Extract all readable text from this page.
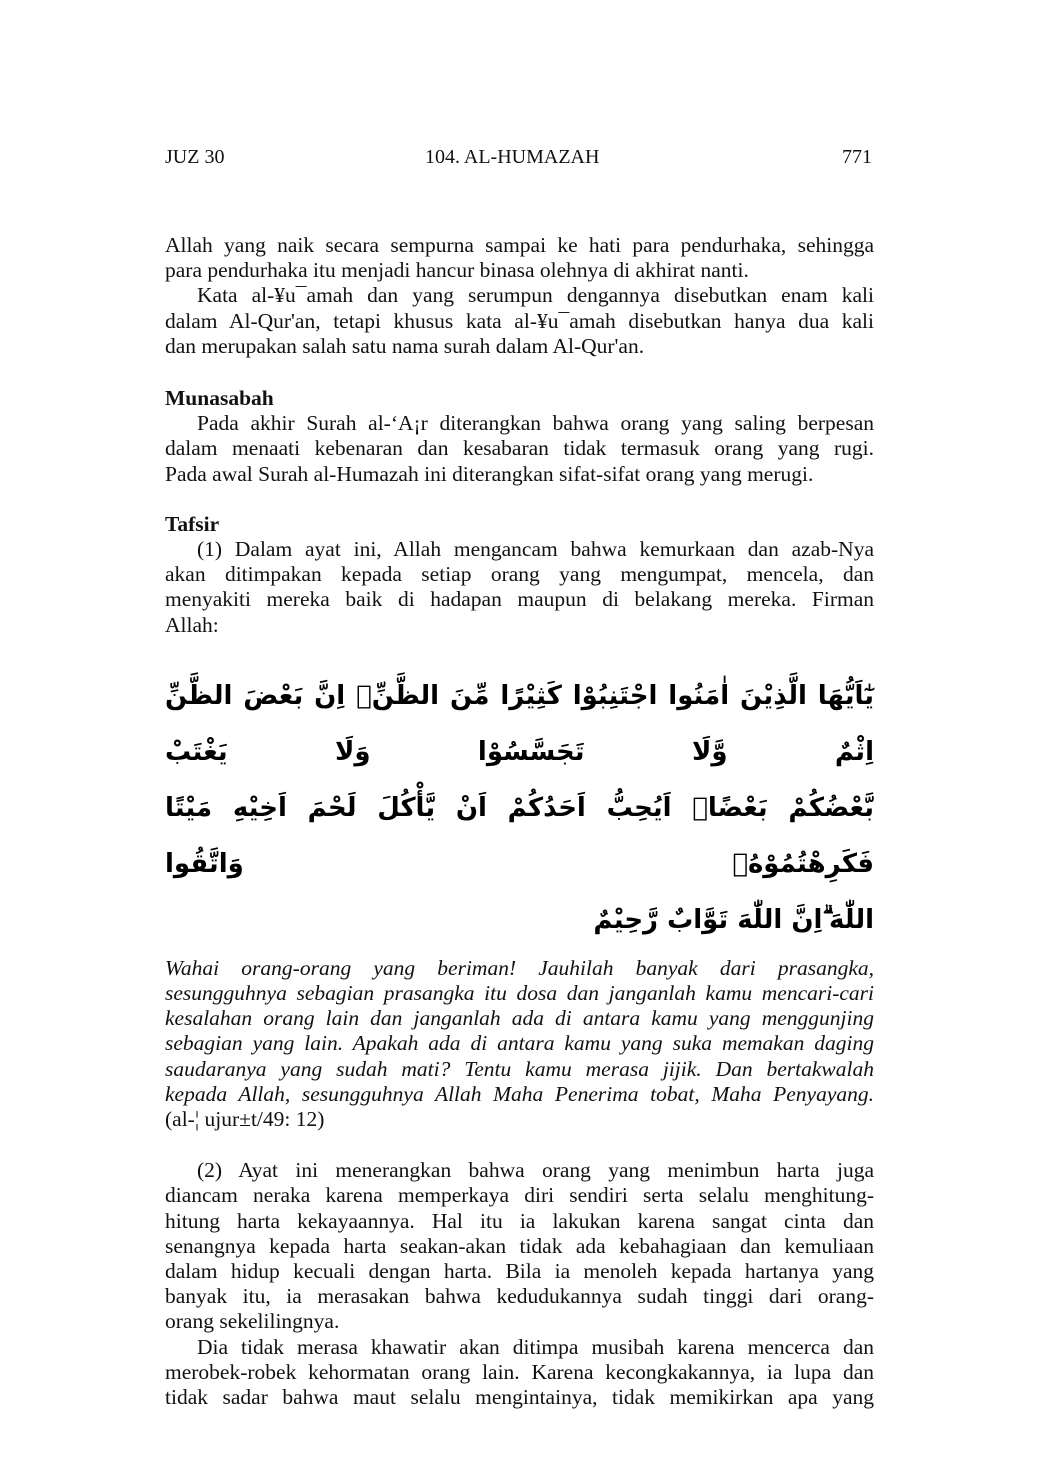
JUZ 30	104. AL-HUMAZAH	771
Allah yang naik secara sempurna sampai ke hati para pendurhaka, sehingga
para pendurhaka itu menjadi hancur binasa olehnya di akhirat nanti.
Kata al-¥u¯amah dan yang serumpun dengannya disebutkan enam kali
dalam Al-Qur'an, tetapi khusus kata al-¥u¯amah disebutkan hanya dua kali
dan merupakan salah satu nama surah dalam Al-Qur'an.
Munasabah
Pada akhir Surah al-‘A¡r diterangkan bahwa orang yang saling berpesan
dalam menaati kebenaran dan kesabaran tidak termasuk orang yang rugi.
Pada awal Surah al-Humazah ini diterangkan sifat-sifat orang yang merugi.
Tafsir
(1) Dalam ayat ini, Allah mengancam bahwa kemurkaan dan azab-Nya
akan ditimpakan kepada setiap orang yang mengumpat, mencela, dan
menyakiti mereka baik di hadapan maupun di belakang mereka. Firman
Allah:
يٰٓاَيُّهَا الَّذِيْنَ اٰمَنُوا اجْتَنِبُوْا كَثِيْرًا مِّنَ الظَّنِّۖ اِنَّ بَعْضَ الظَّنِّ اِثْمٌ وَّلَا تَجَسَّسُوْا وَلَا يَغْتَبْ
بَّعْضُكُمْ بَعْضًاۗ اَيُحِبُّ اَحَدُكُمْ اَنْ يَّأْكُلَ لَحْمَ اَخِيْهِ مَيْتًا فَكَرِهْتُمُوْهُۗ وَاتَّقُوا
اللّٰهَ ۗاِنَّ اللّٰهَ تَوَّابٌ رَّحِيْمٌ
Wahai orang-orang yang beriman! Jauhilah banyak dari prasangka,
sesungguhnya sebagian prasangka itu dosa dan janganlah kamu mencari-cari
kesalahan orang lain dan janganlah ada di antara kamu yang menggunjing
sebagian yang lain. Apakah ada di antara kamu yang suka memakan daging
saudaranya yang sudah mati? Tentu kamu merasa jijik. Dan bertakwalah
kepada Allah, sesungguhnya Allah Maha Penerima tobat, Maha Penyayang.
(al-¦ ujur±t/49: 12)
(2) Ayat ini menerangkan bahwa orang yang menimbun harta juga
diancam neraka karena memperkaya diri sendiri serta selalu menghitung-
hitung harta kekayaannya. Hal itu ia lakukan karena sangat cinta dan
senangnya kepada harta seakan-akan tidak ada kebahagiaan dan kemuliaan
dalam hidup kecuali dengan harta. Bila ia menoleh kepada hartanya yang
banyak itu, ia merasakan bahwa kedudukannya sudah tinggi dari orang-
orang sekelilingnya.
Dia tidak merasa khawatir akan ditimpa musibah karena mencerca dan
merobek-robek kehormatan orang lain. Karena kecongkakannya, ia lupa dan
tidak sadar bahwa maut selalu mengintainya, tidak memikirkan apa yang
